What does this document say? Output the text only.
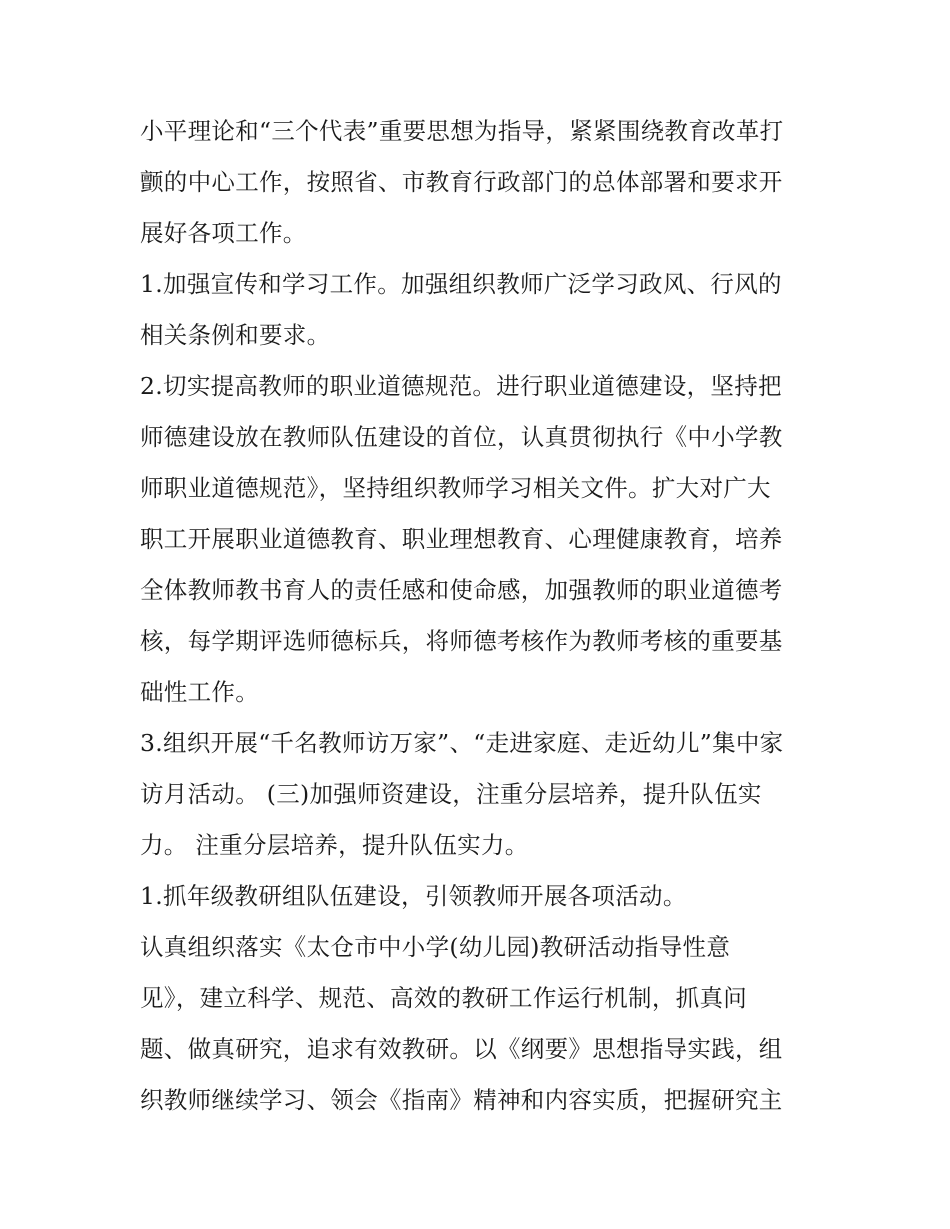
小平理论和“三个代表”重要思想为指导，紧紧围绕教育改革打
颤的中心工作，按照省、市教育行政部门的总体部署和要求开
展好各项工作。
1.加强宣传和学习工作。加强组织教师广泛学习政风、行风的
相关条例和要求。
2.切实提高教师的职业道德规范。进行职业道德建设，坚持把
师德建设放在教师队伍建设的首位，认真贯彻执行《中小学教
师职业道德规范》，坚持组织教师学习相关文件。扩大对广大
职工开展职业道德教育、职业理想教育、心理健康教育，培养
全体教师教书育人的责任感和使命感，加强教师的职业道德考
核，每学期评选师德标兵，将师德考核作为教师考核的重要基
础性工作。
3.组织开展“千名教师访万家”、“走进家庭、走近幼儿”集中家
访月活动。 (三)加强师资建设，注重分层培养，提升队伍实
力。 注重分层培养，提升队伍实力。
1.抓年级教研组队伍建设，引领教师开展各项活动。
认真组织落实《太仓市中小学(幼儿园)教研活动指导性意
见》，建立科学、规范、高效的教研工作运行机制，抓真问
题、做真研究，追求有效教研。以《纲要》思想指导实践，组
织教师继续学习、领会《指南》精神和内容实质，把握研究主
